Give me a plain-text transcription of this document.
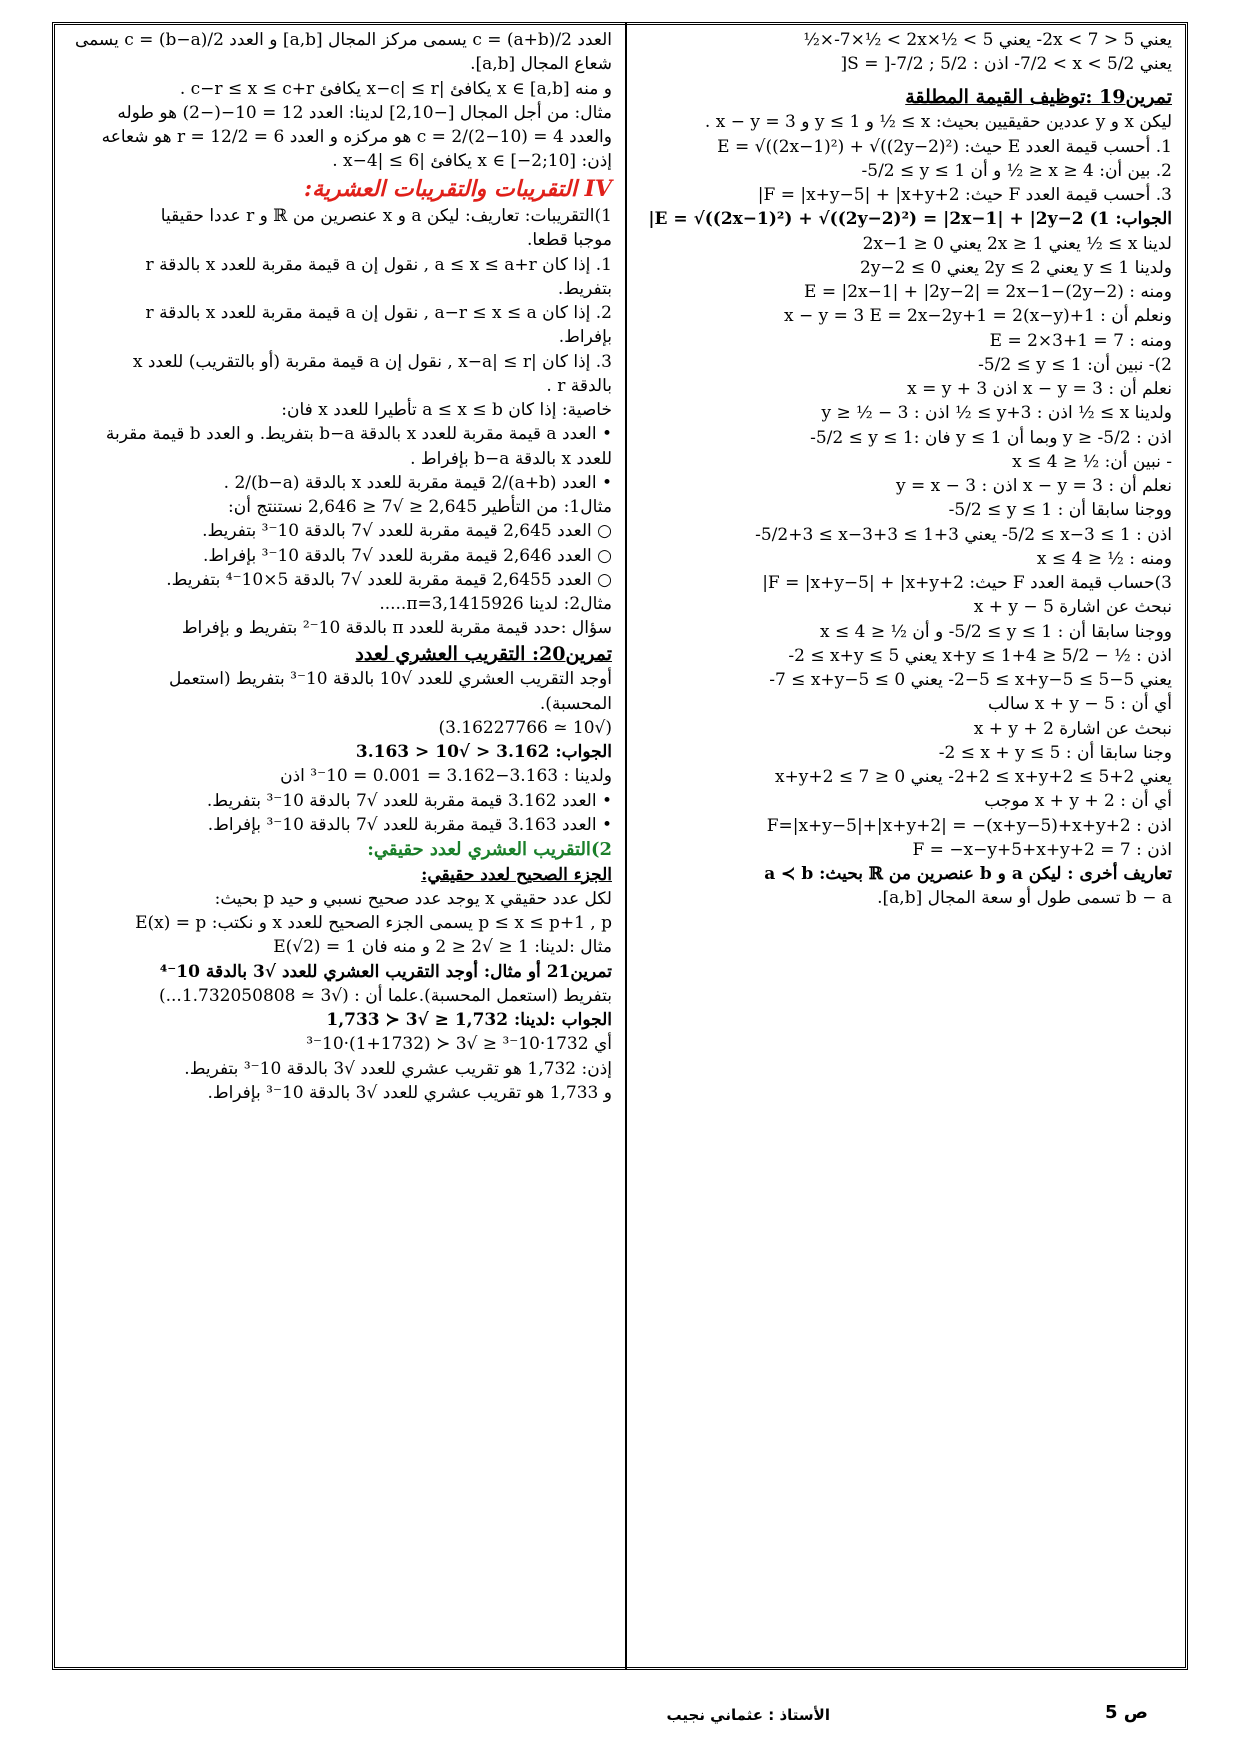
يعني 5 < 2x < 7- يعني ‎-7×½ < 2x×½ < 5×½
يعني ‎-7/2 < x < 5/2 اذن : S = ]-7/2 ; 5/2[
تمرين19 :توظيف القيمة المطلقة
ليكن x و y عددين حقيقيين بحيث: x ≥ ½ و y ≤ 1 و x − y = 3 .
1. أحسب قيمة العدد E حيث: E = √((2x−1)²) + √((2y−2)²)
2. بين أن: 4 ≤ x ≤ ½ و أن ‎-5/2 ≤ y ≤ 1
3. أحسب قيمة العدد F حيث: F = |x+y−5| + |x+y+2|
الجواب: 1) E = √((2x−1)²) + √((2y−2)²) = |2x−1| + |2y−2|
لدينا x ≥ ½ يعني 2x ≥ 1 يعني 2x−1 ≥ 0
ولدينا y ≤ 1 يعني 2y ≤ 2 يعني 2y−2 ≤ 0
ومنه : E = |2x−1| + |2y−2| = 2x−1−(2y−2)
ونعلم أن : x − y = 3 E = 2x−2y+1 = 2(x−y)+1
ومنه : E = 2×3+1 = 7
2)- نبين أن: ‎-5/2 ≤ y ≤ 1
نعلم أن : x − y = 3 اذن x = y + 3
ولدينا x ≥ ½ اذن : y+3 ≥ ½ اذن : y ≥ ½ − 3
اذن : y ≥ -5/2 وبما أن y ≤ 1 فان :‎-5/2 ≤ y ≤ 1
- نبين أن: ½ ≤ x ≤ 4
نعلم أن : x − y = 3 اذن : y = x − 3
ووجنا سابقا أن : ‎-5/2 ≤ y ≤ 1
اذن : ‎-5/2 ≤ x−3 ≤ 1 يعني ‎-5/2+3 ≤ x−3+3 ≤ 1+3
ومنه : ½ ≤ x ≤ 4
3)حساب قيمة العدد F حيث: F = |x+y−5| + |x+y+2|
نبحث عن اشارة x + y − 5
ووجنا سابقا أن : ‎-5/2 ≤ y ≤ 1 و أن ½ ≤ x ≤ 4
اذن : ½ − 5/2 ≤ x+y ≤ 1+4 يعني ‎-2 ≤ x+y ≤ 5
يعني ‎-2−5 ≤ x+y−5 ≤ 5−5 يعني ‎-7 ≤ x+y−5 ≤ 0
أي أن : x + y − 5 سالب
نبحث عن اشارة x + y + 2
وجنا سابقا أن : ‎-2 ≤ x + y ≤ 5
يعني ‎-2+2 ≤ x+y+2 ≤ 5+2 يعني 0 ≤ x+y+2 ≤ 7
أي أن : x + y + 2 موجب
اذن : F=|x+y−5|+|x+y+2| = −(x+y−5)+x+y+2
اذن : F = −x−y+5+x+y+2 = 7
تعاريف أخرى : ليكن a و b عنصرين من ℝ بحيث: a ≺ b
b − a تسمى طول أو سعة المجال [a,b].
العدد c = (a+b)/2 يسمى مركز المجال [a,b] و العدد c = (b−a)/2 يسمى
شعاع المجال [a,b].
و منه x ∈ [a,b] يكافئ |x−c| ≤ r يكافئ c−r ≤ x ≤ c+r .
مثال: من أجل المجال [−2,10] لدينا: العدد 12 = 10−(−2) هو طوله
والعدد 4 = (10−2)/2 = c هو مركزه و العدد 6 = 12/2 = r هو شعاعه
إذن: x ∈ [−2;10] يكافئ |x−4| ≤ 6 .
IV التقريبات والتقريبات العشرية:
1)التقريبات: تعاريف: ليكن a و x عنصرين من ℝ و r عددا حقيقيا
موجبا قطعا.
1. إذا كان a ≤ x ≤ a+r , نقول إن a قيمة مقربة للعدد x بالدقة r
بتفريط.
2. إذا كان a−r ≤ x ≤ a , نقول إن a قيمة مقربة للعدد x بالدقة r
بإفراط.
3. إذا كان |x−a| ≤ r , نقول إن a قيمة مقربة (أو بالتقريب) للعدد x
بالدقة r .
خاصية: إذا كان a ≤ x ≤ b تأطيرا للعدد x فان:
• العدد a قيمة مقربة للعدد x بالدقة b−a بتفريط. و العدد b قيمة مقربة
للعدد x بالدقة b−a بإفراط .
• العدد (a+b)/2 قيمة مقربة للعدد x بالدقة (b−a)/2 .
مثال1: من التأطير 2,645 ≤ √7 ≤ 2,646 نستنتج أن:
○ العدد 2,645 قيمة مقربة للعدد √7 بالدقة 10⁻³ بتفريط.
○ العدد 2,646 قيمة مقربة للعدد √7 بالدقة 10⁻³ بإفراط.
○ العدد 2,6455 قيمة مقربة للعدد √7 بالدقة 5×10⁻⁴ بتفريط.
مثال2: لدينا π=3,1415926.....
سؤال :حدد قيمة مقربة للعدد π بالدقة 10⁻² بتفريط و بإفراط
تمرين20: التقريب العشري لعدد
أوجد التقريب العشري للعدد √10 بالدقة 10⁻³ بتفريط (استعمل
المحسبة).
(√10 ≃ 3.16227766)
الجواب: 3.162 < √10 < 3.163
ولدينا : 3.163−3.162 = 0.001 = 10⁻³ اذن
• العدد 3.162 قيمة مقربة للعدد √7 بالدقة 10⁻³ بتفريط.
• العدد 3.163 قيمة مقربة للعدد √7 بالدقة 10⁻³ بإفراط.
2)التقريب العشري لعدد حقيقي:
الجزء الصحيح لعدد حقيقي:
لكل عدد حقيقي x يوجد عدد صحيح نسبي و حيد p بحيث:
p ≤ x ≤ p+1 , p يسمى الجزء الصحيح للعدد x و نكتب: E(x) = p
مثال :لدينا: 1 ≤ √2 ≤ 2 و منه فان E(√2) = 1
تمرين21 أو مثال: أوجد التقريب العشري للعدد √3 بالدقة 10⁻⁴
بتفريط (استعمل المحسبة).علما أن : (√3 ≃ 1.732050808...)
الجواب :لدينا: 1,732 ≤ √3 ≺ 1,733
أي 1732·10⁻³ ≤ √3 ≺ (1732+1)·10⁻³
إذن: 1,732 هو تقريب عشري للعدد √3 بالدقة 10⁻³ بتفريط.
و 1,733 هو تقريب عشري للعدد √3 بالدقة 10⁻³ بإفراط.
ص 5
الأستاذ : عثماني نجيب
